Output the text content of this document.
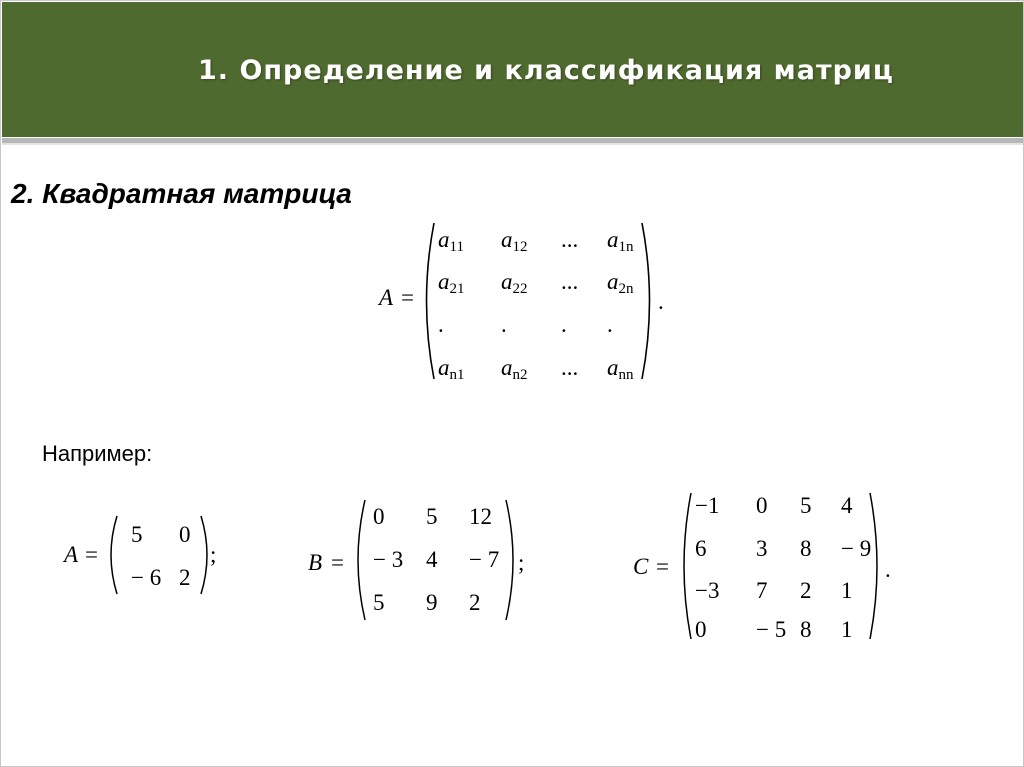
1. Определение и классификация матриц
2. Квадратная матрица
A =
$a_{11}$ $a_{12}$ ... $a_{1n}$
$a_{21}$ $a_{22}$ ... $a_{2n}$
. . . .
$a_{n1}$ $a_{n2}$ ... $a_{nn}$
.
Например:
A =
5 0
− 6 2
;	B =
0 5 12
− 3 4 − 7
5 9 2
;	C =
−1 0 5 4
6 3 8 − 9
−3 7 2 1
0 − 5 8 1
.
